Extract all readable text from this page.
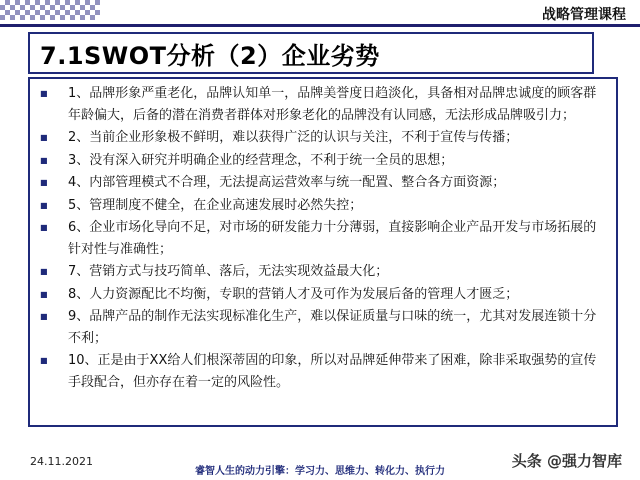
战略管理课程
7.1SWOT分析（2）企业劣势
■	1、品牌形象严重老化，品牌认知单一，品牌美誉度日趋淡化，具备相对品牌忠诚度的顾客群年龄偏大，后备的潜在消费者群体对形象老化的品牌没有认同感，无法形成品牌吸引力；
■	2、当前企业形象极不鲜明，难以获得广泛的认识与关注，不利于宣传与传播；
■	3、没有深入研究并明确企业的经营理念，不利于统一全员的思想；
■	4、内部管理模式不合理，无法提高运营效率与统一配置、整合各方面资源；
■	5、管理制度不健全，在企业高速发展时必然失控；
■	6、企业市场化导向不足，对市场的研发能力十分薄弱，直接影响企业产品开发与市场拓展的针对性与准确性；
■	7、营销方式与技巧简单、落后，无法实现效益最大化；
■	8、人力资源配比不均衡，专职的营销人才及可作为发展后备的管理人才匮乏；
■	9、品牌产品的制作无法实现标准化生产，难以保证质量与口味的统一，尤其对发展连锁十分不利；
■	10、正是由于XX给人们根深蒂固的印象，所以对品牌延伸带来了困难，除非采取强势的宣传手段配合，但亦存在着一定的风险性。
24.11.2021
睿智人生的动力引擎：学习力、思维力、转化力、执行力
头条 @强力智库
